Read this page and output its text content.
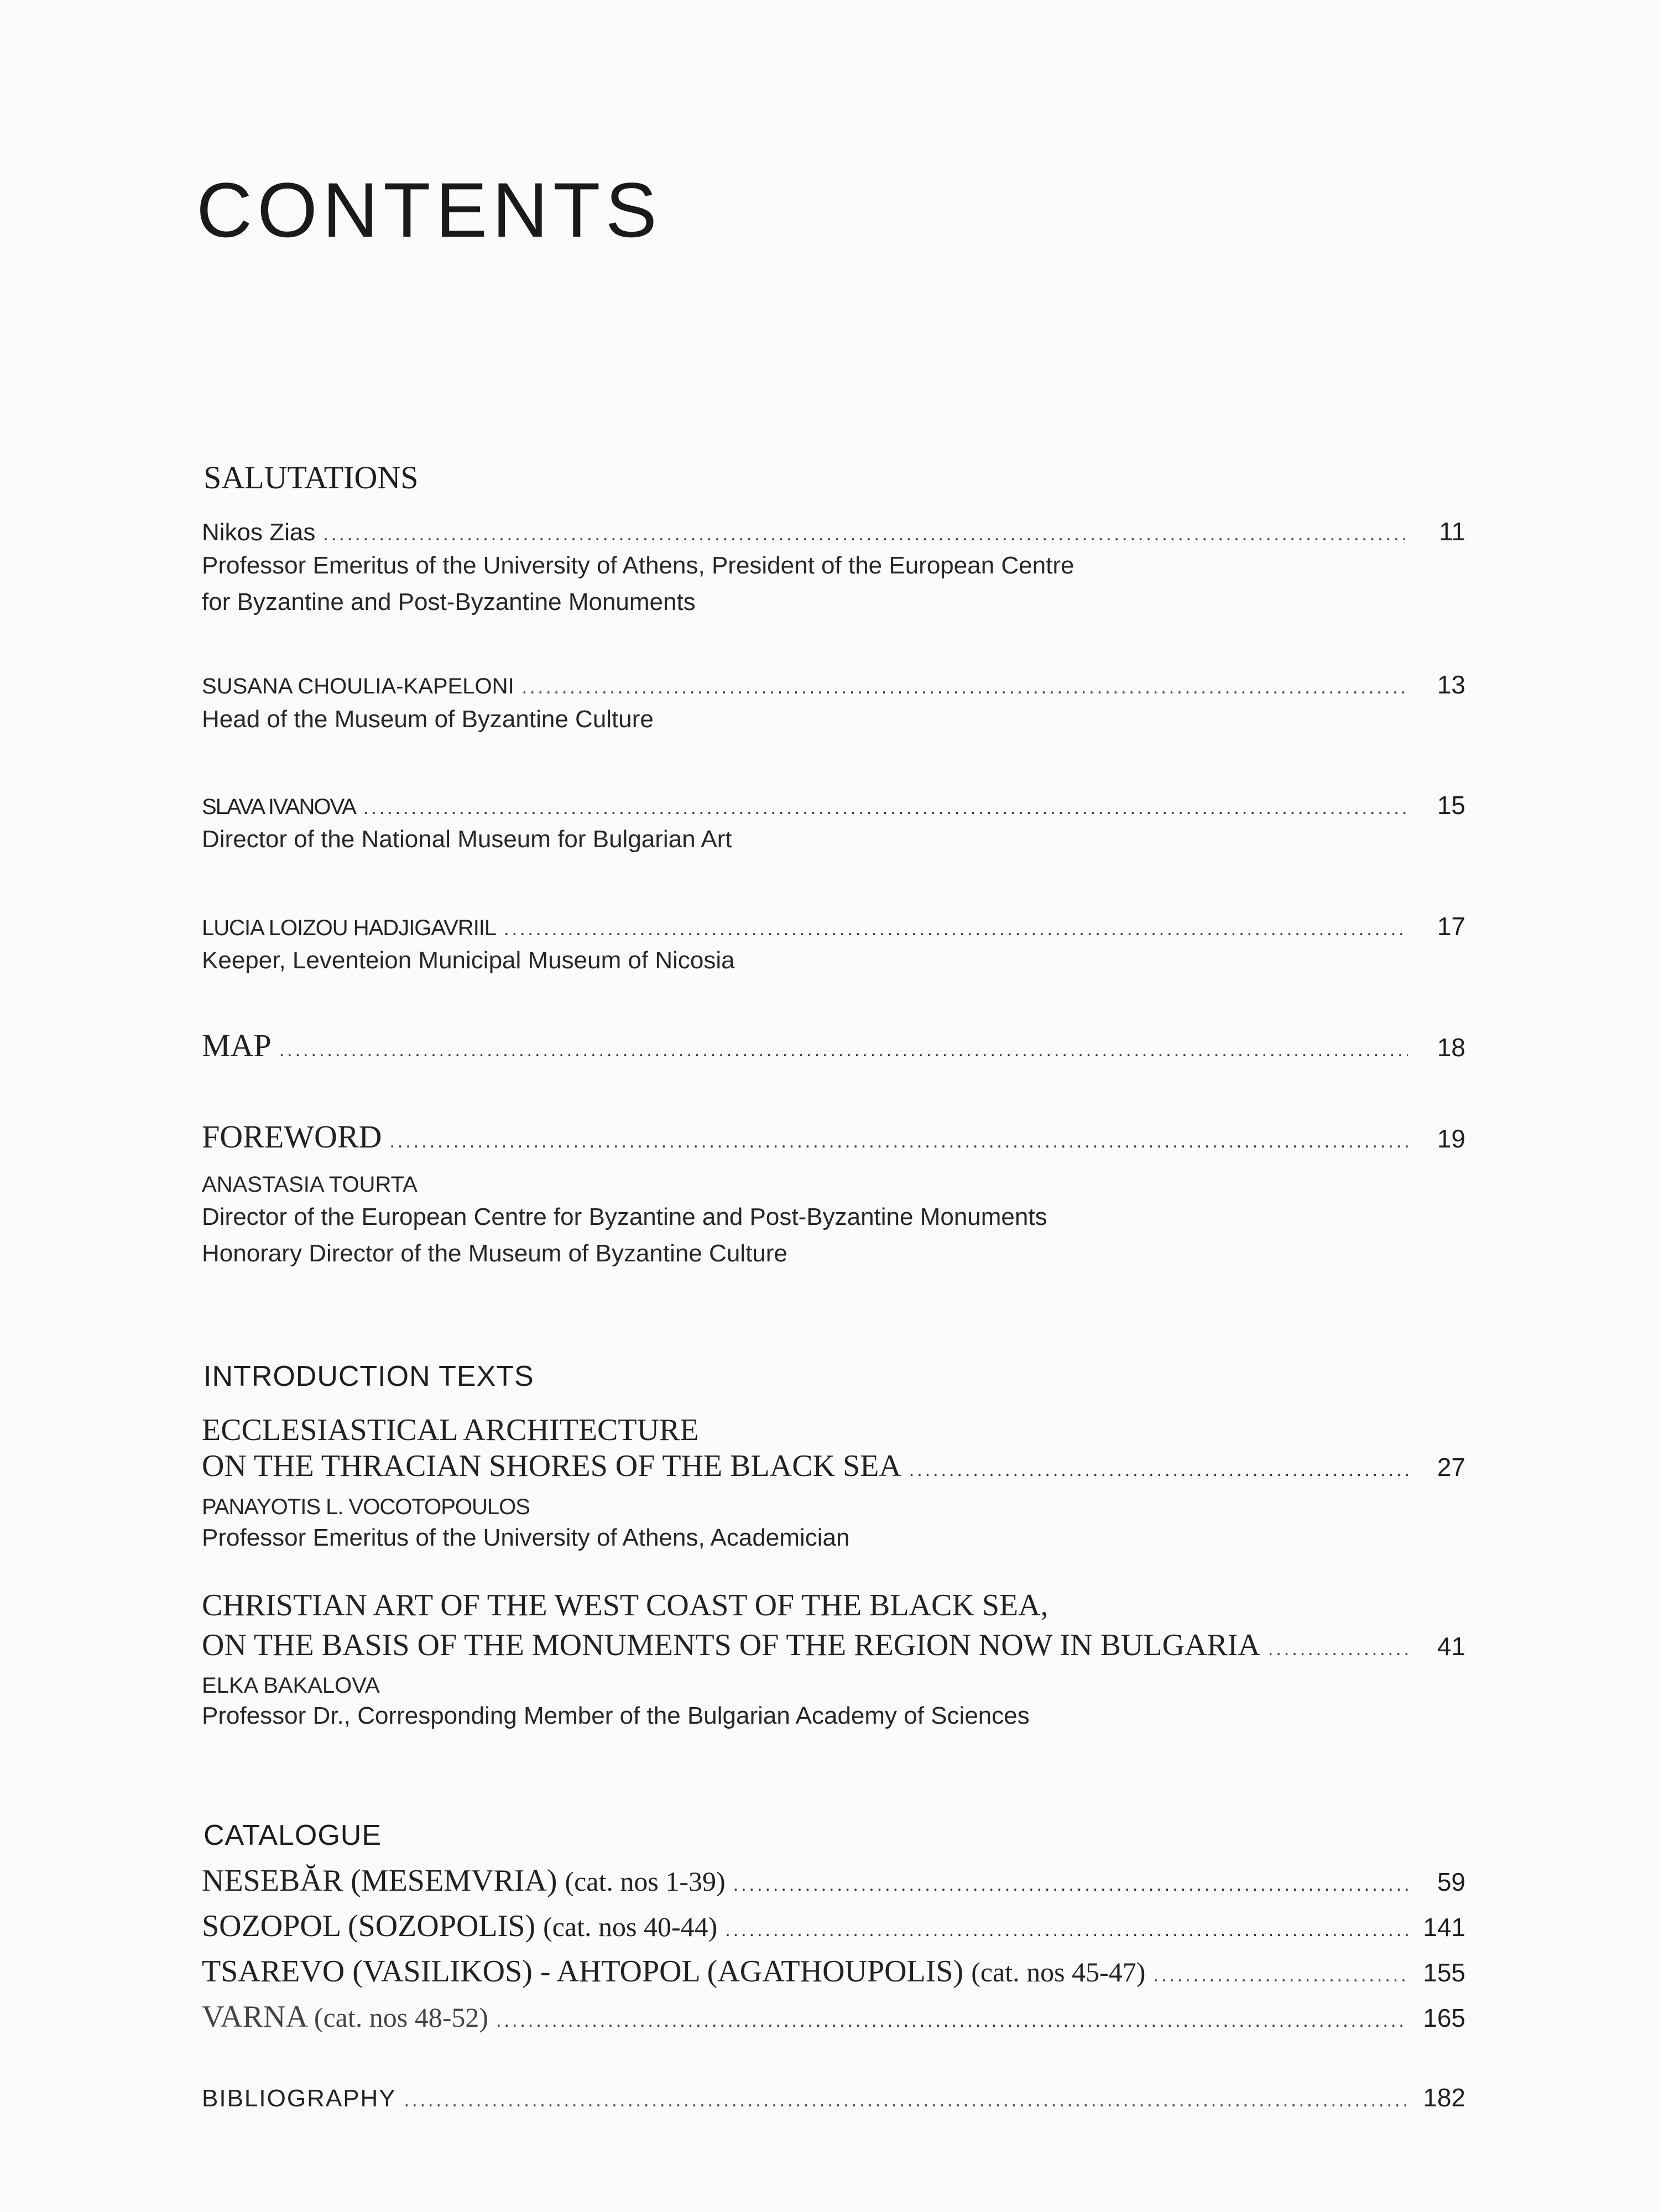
CONTENTS
SALUTATIONS
Nikos Zias .....	11
Professor Emeritus of the University of Athens, President of the European Centre
for Byzantine and Post-Byzantine Monuments
SUSANA CHOULIA-KAPELONI .....	13
Head of the Museum of Byzantine Culture
SLAVA IVANOVA .....	15
Director of the National Museum for Bulgarian Art
LUCIA LOIZOU HADJIGAVRIIL .....	17
Keeper, Leventeion Municipal Museum of Nicosia
MAP .....	18
FOREWORD .....	19
ANASTASIA TOURTA
Director of the European Centre for Byzantine and Post-Byzantine Monuments
Honorary Director of the Museum of Byzantine Culture
INTRODUCTION TEXTS
ECCLESIASTICAL ARCHITECTURE
ON THE THRACIAN SHORES OF THE BLACK SEA .....	27
PANAYOTIS L. VOCOTOPOULOS
Professor Emeritus of the University of Athens, Academician
CHRISTIAN ART OF THE WEST COAST OF THE BLACK SEA,
ON THE BASIS OF THE MONUMENTS OF THE REGION NOW IN BULGARIA .....	41
ELKA BAKALOVA
Professor Dr., Corresponding Member of the Bulgarian Academy of Sciences
CATALOGUE
NESEBĂR (MESEMVRIA) (cat. nos 1-39) .....	59
SOZOPOL (SOZOPOLIS) (cat. nos 40-44) .....	141
TSAREVO (VASILIKOS) - AHTOPOL (AGATHOUPOLIS) (cat. nos 45-47) .....	155
VARNA (cat. nos 48-52) .....	165
BIBLIOGRAPHY .....	182
